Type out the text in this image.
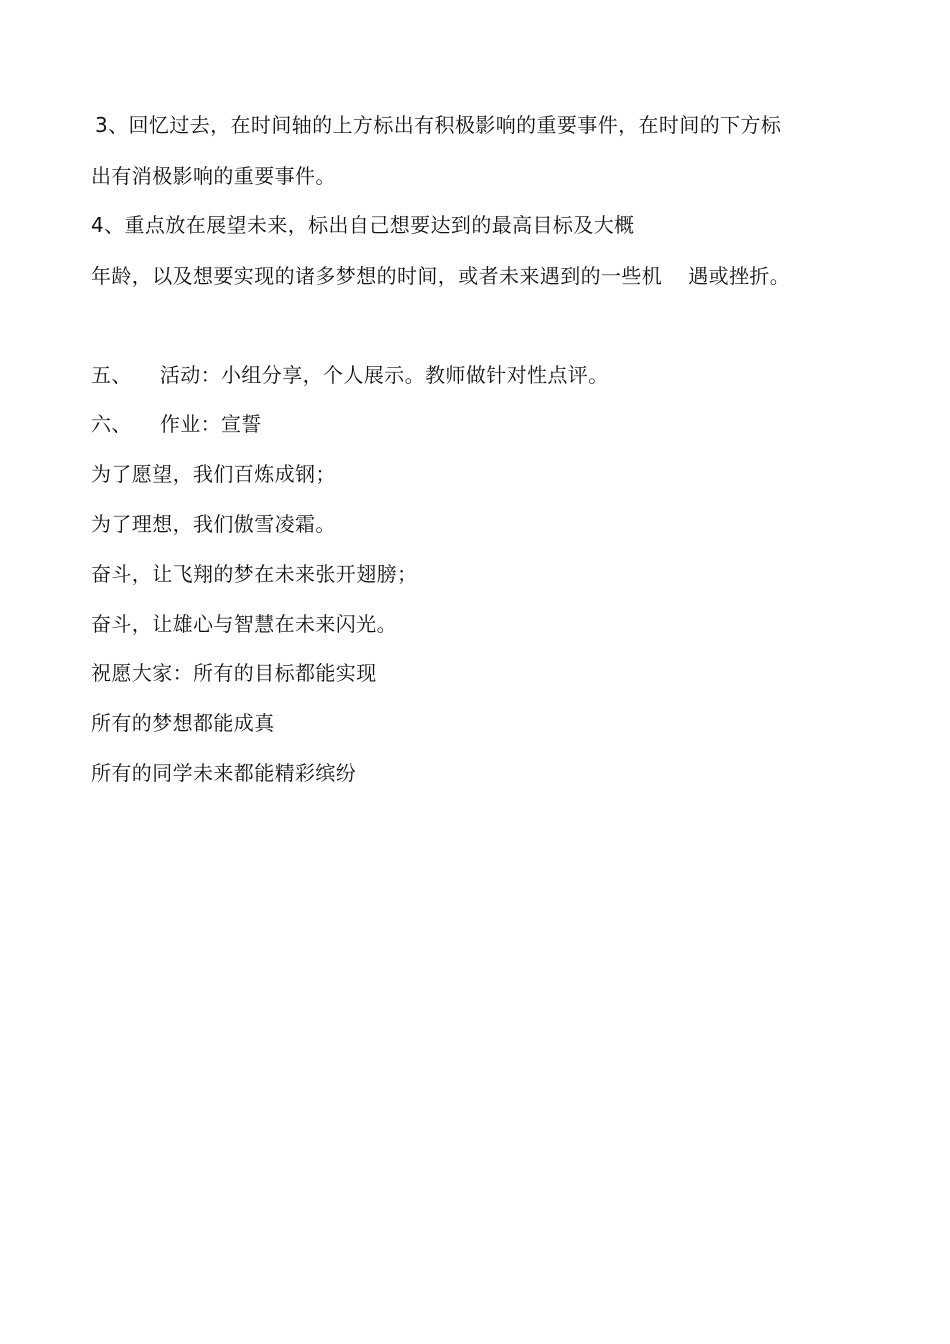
3、回忆过去，在时间轴的上方标出有积极影响的重要事件，在时间的下方标
出有消极影响的重要事件。
4、重点放在展望未来，标出自己想要达到的最高目标及大概
年龄，以及想要实现的诸多梦想的时间，或者未来遇到的一些机 遇或挫折。
五、 活动：小组分享，个人展示。教师做针对性点评。
六、 作业：宣誓
为了愿望，我们百炼成钢；
为了理想，我们傲雪凌霜。
奋斗，让飞翔的梦在未来张开翅膀；
奋斗，让雄心与智慧在未来闪光。
祝愿大家：所有的目标都能实现
所有的梦想都能成真
所有的同学未来都能精彩缤纷
